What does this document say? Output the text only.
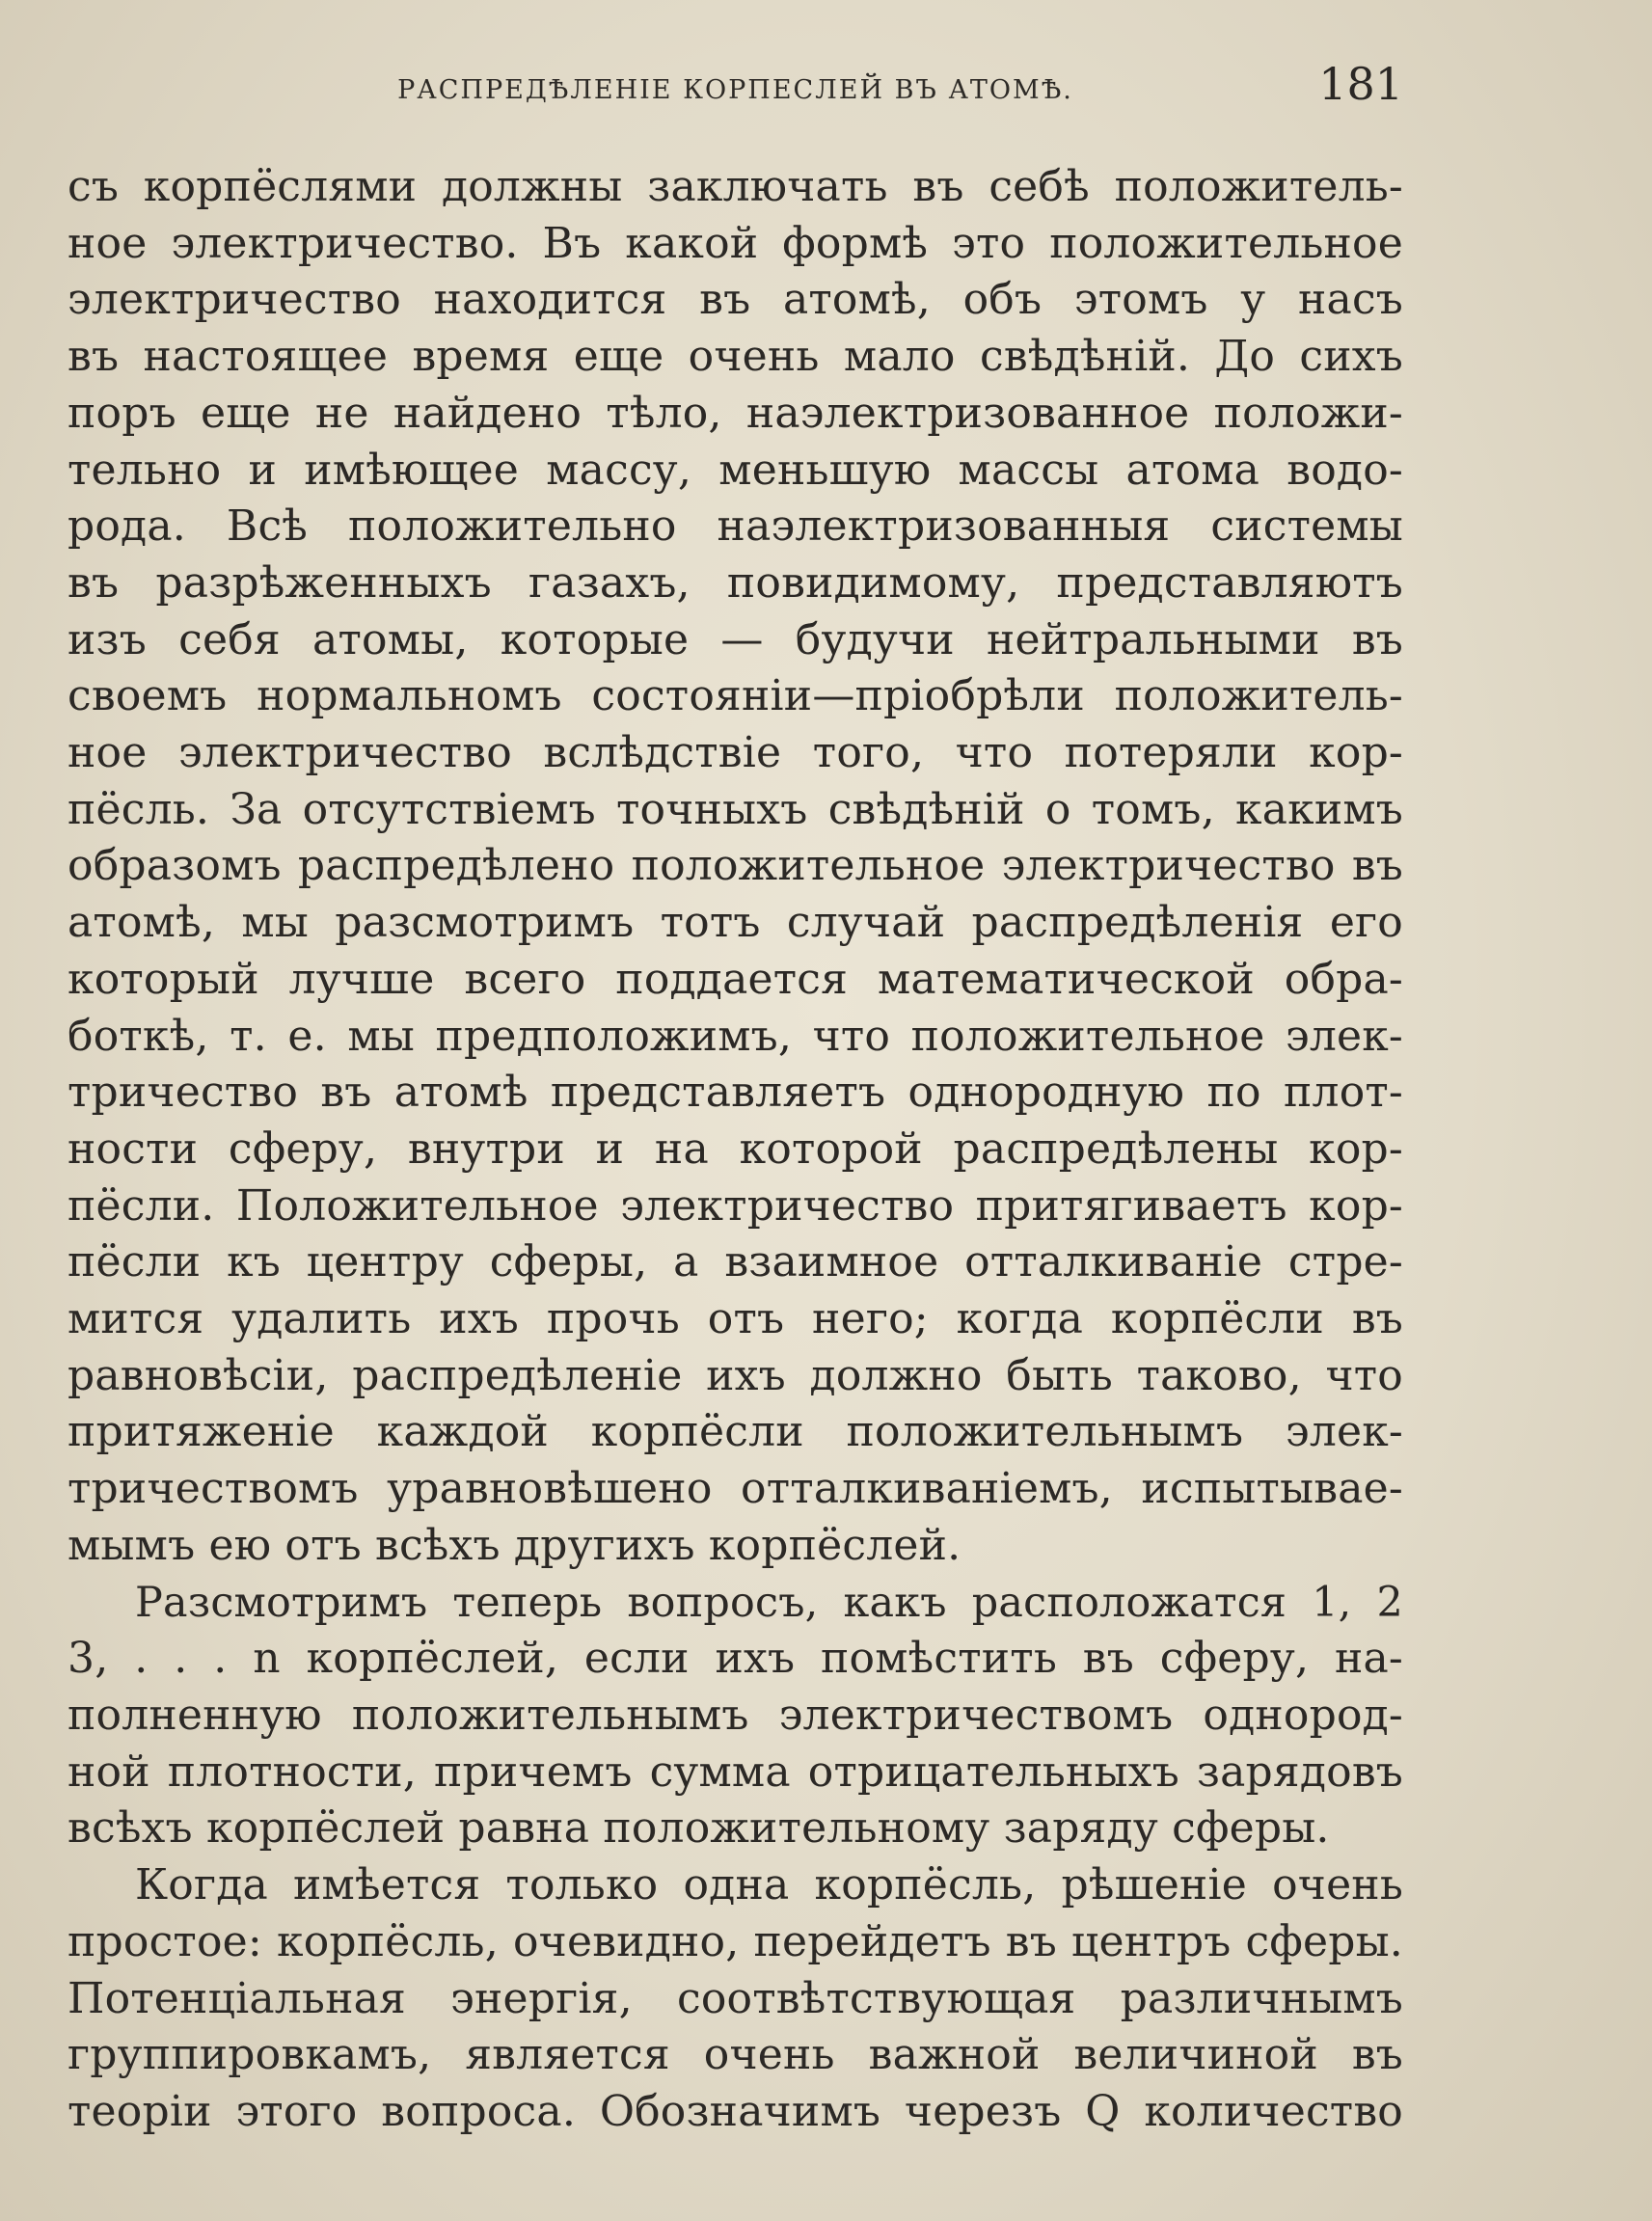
РАСПРЕДѢЛЕНІЕ КОРПЕСЛЕЙ ВЪ АТОМѢ.	181
съ корпёслями должны заключать въ себѣ положитель-
ное электричество. Въ какой формѣ это положительное
электричество находится въ атомѣ, объ этомъ у насъ
въ настоящее время еще очень мало свѣдѣній. До сихъ
поръ еще не найдено тѣло, наэлектризованное положи-
тельно и имѣющее массу, меньшую массы атома водо-
рода. Всѣ положительно наэлектризованныя системы
въ разрѣженныхъ газахъ, повидимому, представляютъ
изъ себя атомы, которые — будучи нейтральными въ
своемъ нормальномъ состояніи—пріобрѣли положитель-
ное электричество вслѣдствіе того, что потеряли кор-
пёсль. За отсутствіемъ точныхъ свѣдѣній о томъ, какимъ
образомъ распредѣлено положительное электричество въ
атомѣ, мы разсмотримъ тотъ случай распредѣленія его
который лучше всего поддается математической обра-
боткѣ, т. е. мы предположимъ, что положительное элек-
тричество въ атомѣ представляетъ однородную по плот-
ности сферу, внутри и на которой распредѣлены кор-
пёсли. Положительное электричество притягиваетъ кор-
пёсли къ центру сферы, а взаимное отталкиваніе стре-
мится удалить ихъ прочь отъ него; когда корпёсли въ
равновѣсіи, распредѣленіе ихъ должно быть таково, что
притяженіе каждой корпёсли положительнымъ элек-
тричествомъ уравновѣшено отталкиваніемъ, испытывае-
мымъ ею отъ всѣхъ другихъ корпёслей.
Разсмотримъ теперь вопросъ, какъ расположатся 1, 2
3, . . . n корпёслей, если ихъ помѣстить въ сферу, на-
полненную положительнымъ электричествомъ однород-
ной плотности, причемъ сумма отрицательныхъ зарядовъ
всѣхъ корпёслей равна положительному заряду сферы.
Когда имѣется только одна корпёсль, рѣшеніе очень
простое: корпёсль, очевидно, перейдетъ въ центръ сферы.
Потенціальная энергія, соотвѣтствующая различнымъ
группировкамъ, является очень важной величиной въ
теоріи этого вопроса. Обозначимъ черезъ Q количество
